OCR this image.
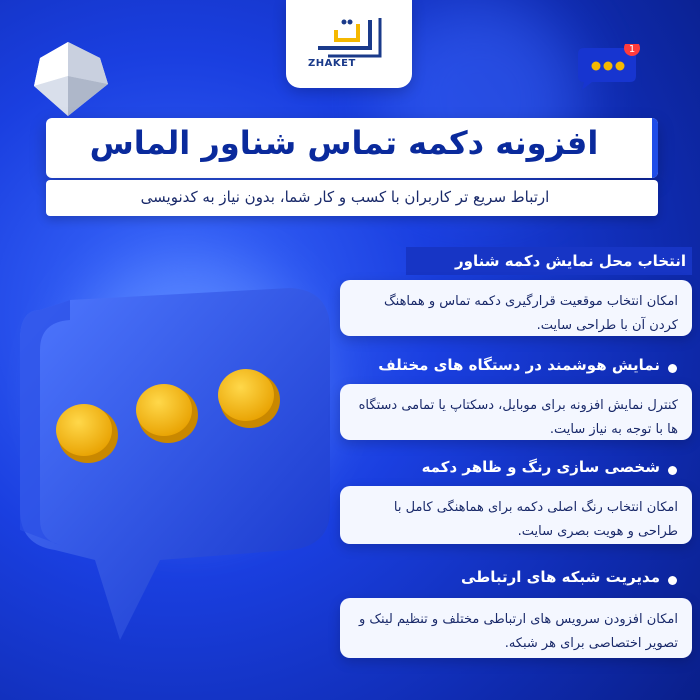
ZHAKET
1
افزونه دکمه تماس شناور الماس
ارتباط سریع تر کاربران با کسب و کار شما، بدون نیاز به کدنویسی
انتخاب محل نمایش دکمه شناور
امکان انتخاب موقعیت قرارگیری دکمه تماس و هماهنگ کردن آن با طراحی سایت.
نمایش هوشمند در دستگاه های مختلف
کنترل نمایش افزونه برای موبایل، دسکتاپ یا تمامی دستگاه ها با توجه به نیاز سایت.
شخصی سازی رنگ و ظاهر دکمه
امکان انتخاب رنگ اصلی دکمه برای هماهنگی کامل با طراحی و هویت بصری سایت.
مدیریت شبکه های ارتباطی
امکان افزودن سرویس های ارتباطی مختلف و تنظیم لینک و تصویر اختصاصی برای هر شبکه.
